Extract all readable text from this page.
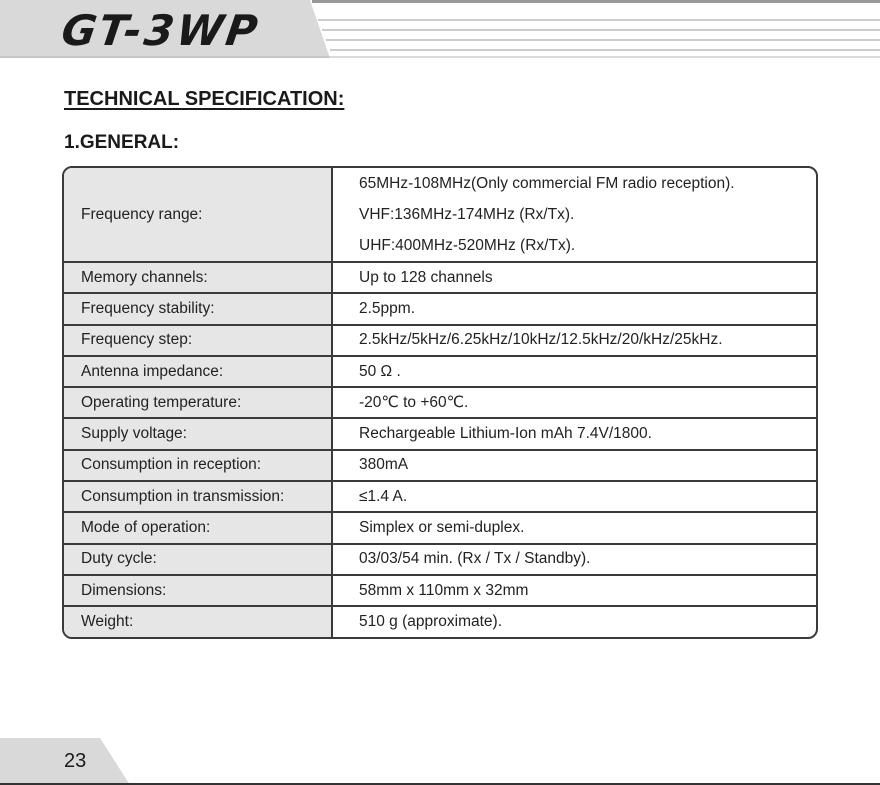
GT-3WP
TECHNICAL SPECIFICATION:
1.GENERAL:
Frequency range:
65MHz-108MHz(Only commercial FM radio reception).
VHF:136MHz-174MHz (Rx/Tx).
UHF:400MHz-520MHz (Rx/Tx).
Memory channels:	Up to 128 channels
Frequency stability:	2.5ppm.
Frequency step:	2.5kHz/5kHz/6.25kHz/10kHz/12.5kHz/20/kHz/25kHz.
Antenna impedance:	50 Ω .
Operating temperature:	-20℃ to +60℃.
Supply voltage:	Rechargeable Lithium-Ion mAh 7.4V/1800.
Consumption in reception:	380mA
Consumption in transmission:	≤1.4 A.
Mode of operation:	Simplex or semi-duplex.
Duty cycle:	03/03/54 min. (Rx / Tx / Standby).
Dimensions:	58mm x 110mm x 32mm
Weight:	510 g (approximate).
23
